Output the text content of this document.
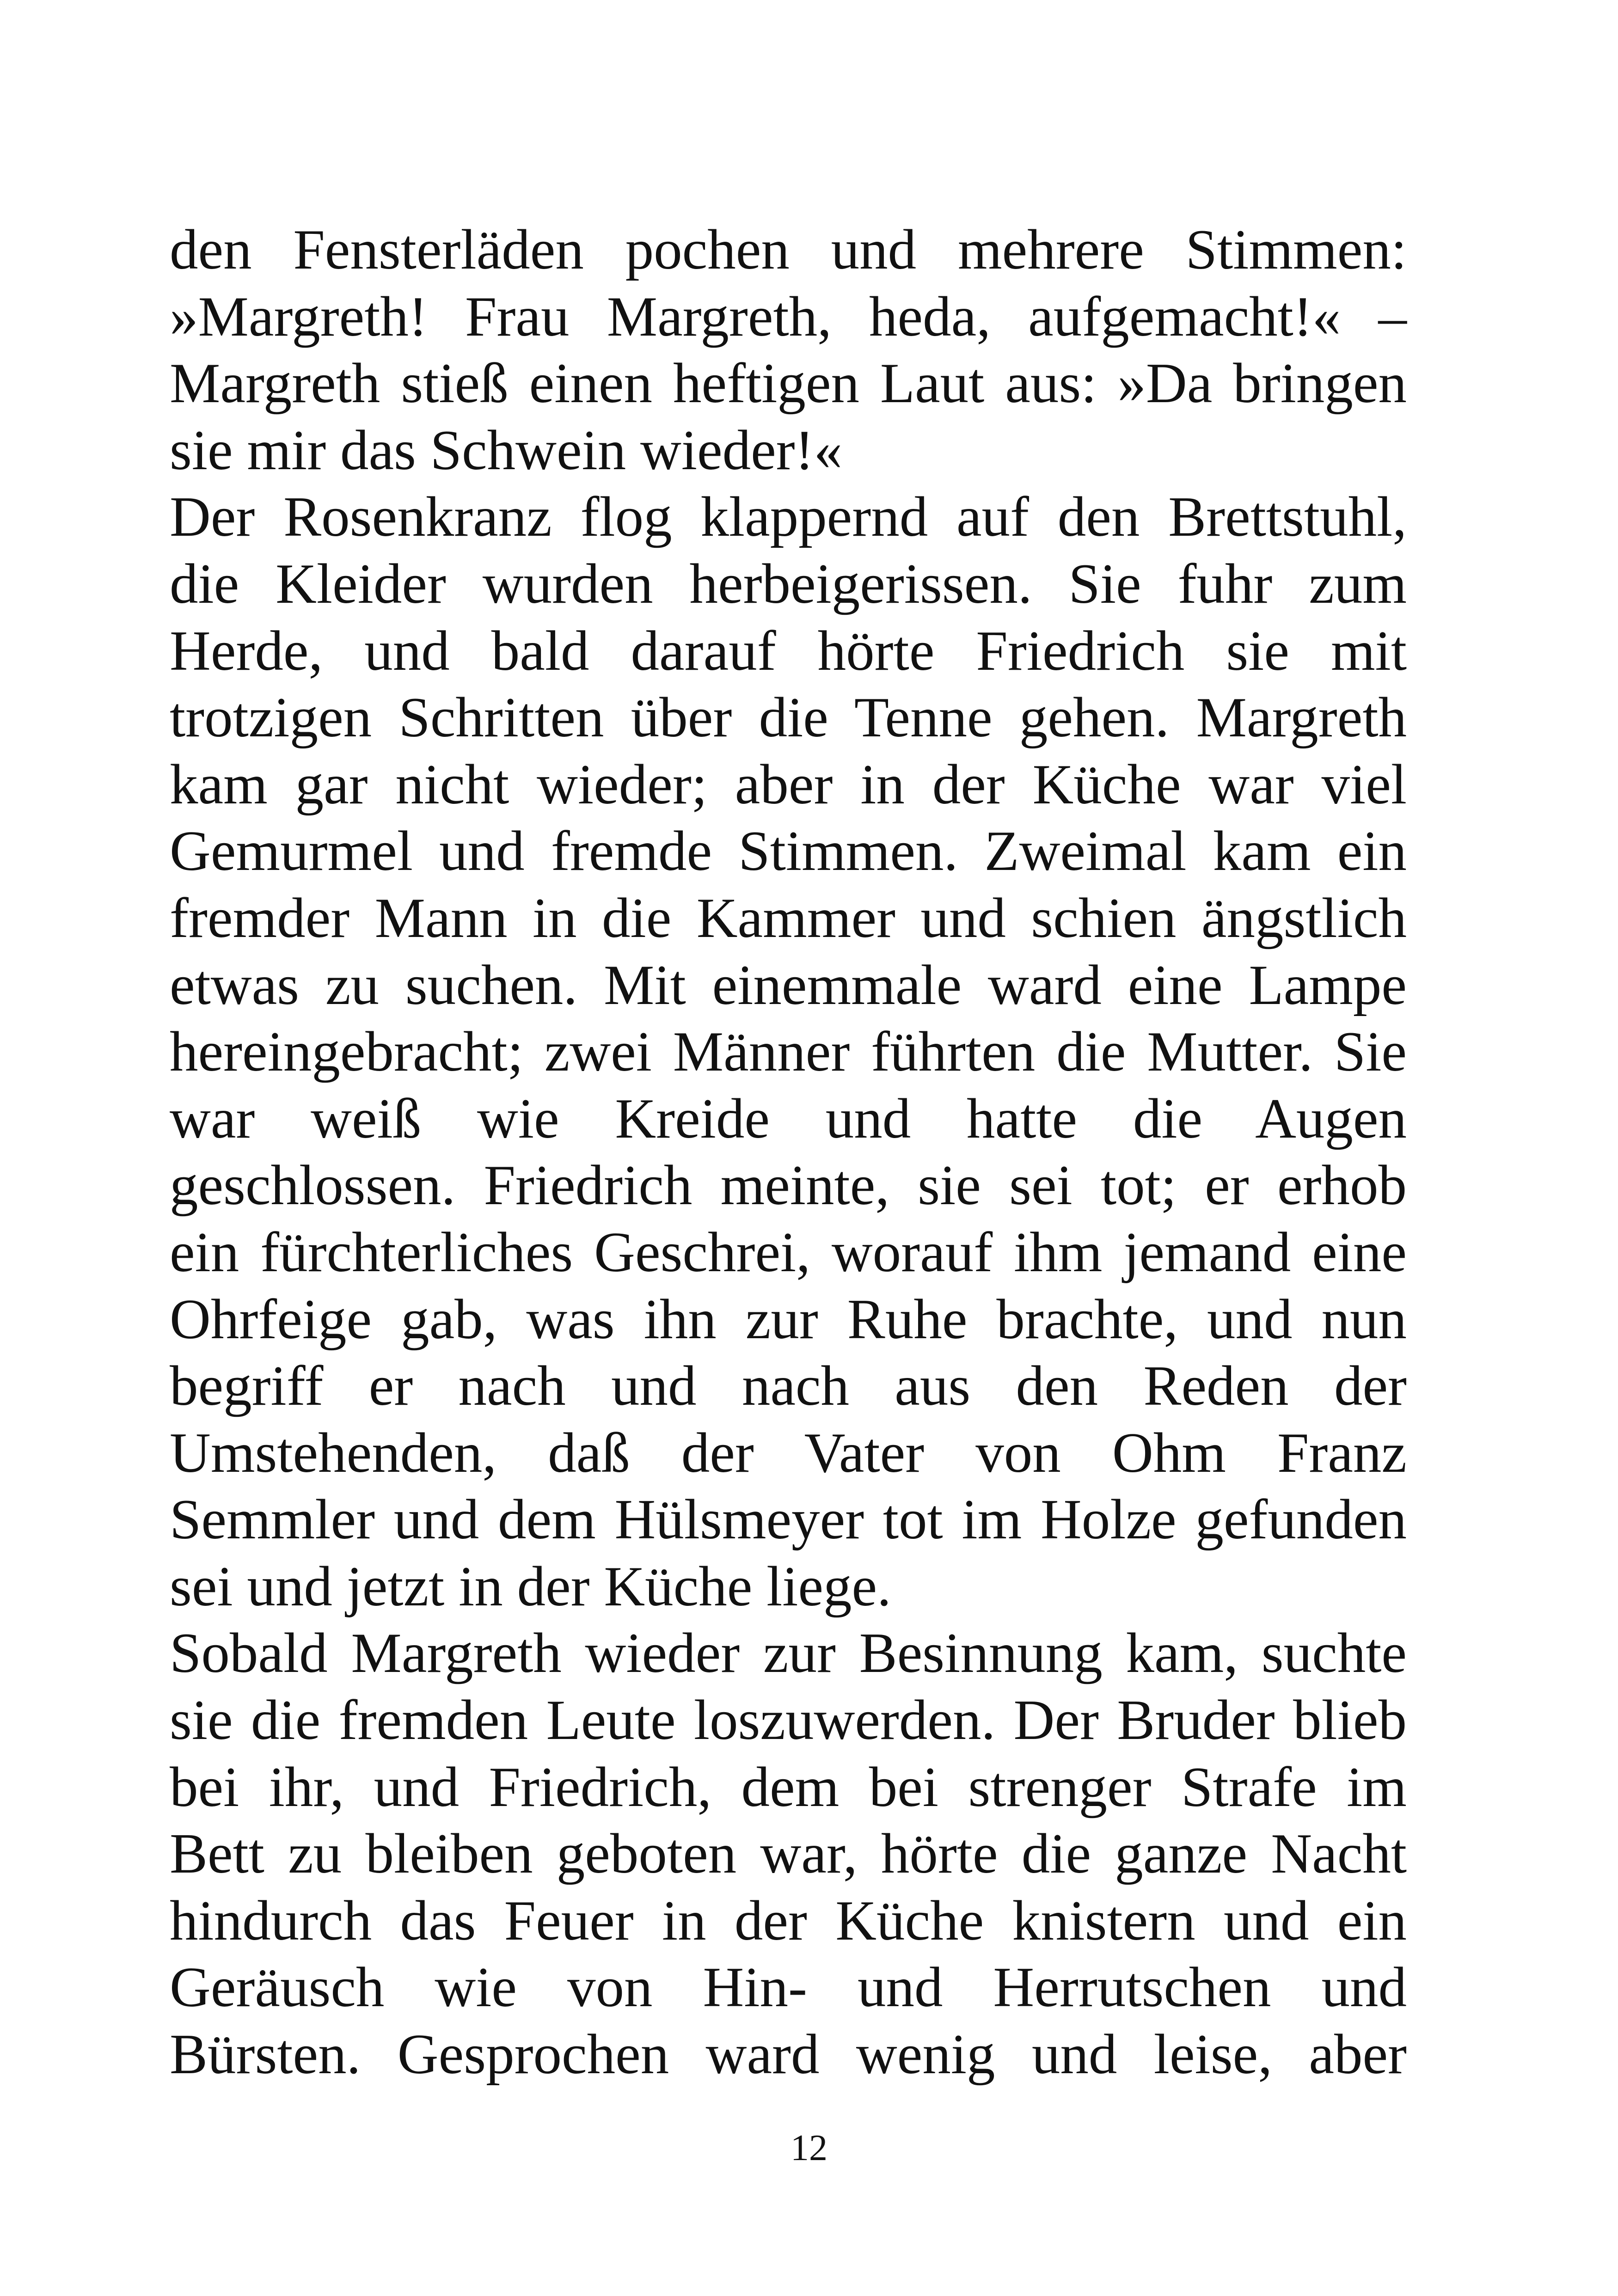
den Fensterläden pochen und mehrere Stimmen:
»Margreth! Frau Margreth, heda, aufgemacht!« –
Margreth stieß einen heftigen Laut aus: »Da bringen
sie mir das Schwein wieder!«
Der Rosenkranz flog klappernd auf den Brettstuhl,
die Kleider wurden herbeigerissen. Sie fuhr zum
Herde, und bald darauf hörte Friedrich sie mit
trotzigen Schritten über die Tenne gehen. Margreth
kam gar nicht wieder; aber in der Küche war viel
Gemurmel und fremde Stimmen. Zweimal kam ein
fremder Mann in die Kammer und schien ängstlich
etwas zu suchen. Mit einemmale ward eine Lampe
hereingebracht; zwei Männer führten die Mutter. Sie
war weiß wie Kreide und hatte die Augen
geschlossen. Friedrich meinte, sie sei tot; er erhob
ein fürchterliches Geschrei, worauf ihm jemand eine
Ohrfeige gab, was ihn zur Ruhe brachte, und nun
begriff er nach und nach aus den Reden der
Umstehenden, daß der Vater von Ohm Franz
Semmler und dem Hülsmeyer tot im Holze gefunden
sei und jetzt in der Küche liege.
Sobald Margreth wieder zur Besinnung kam, suchte
sie die fremden Leute loszuwerden. Der Bruder blieb
bei ihr, und Friedrich, dem bei strenger Strafe im
Bett zu bleiben geboten war, hörte die ganze Nacht
hindurch das Feuer in der Küche knistern und ein
Geräusch wie von Hin- und Herrutschen und
Bürsten. Gesprochen ward wenig und leise, aber
12
